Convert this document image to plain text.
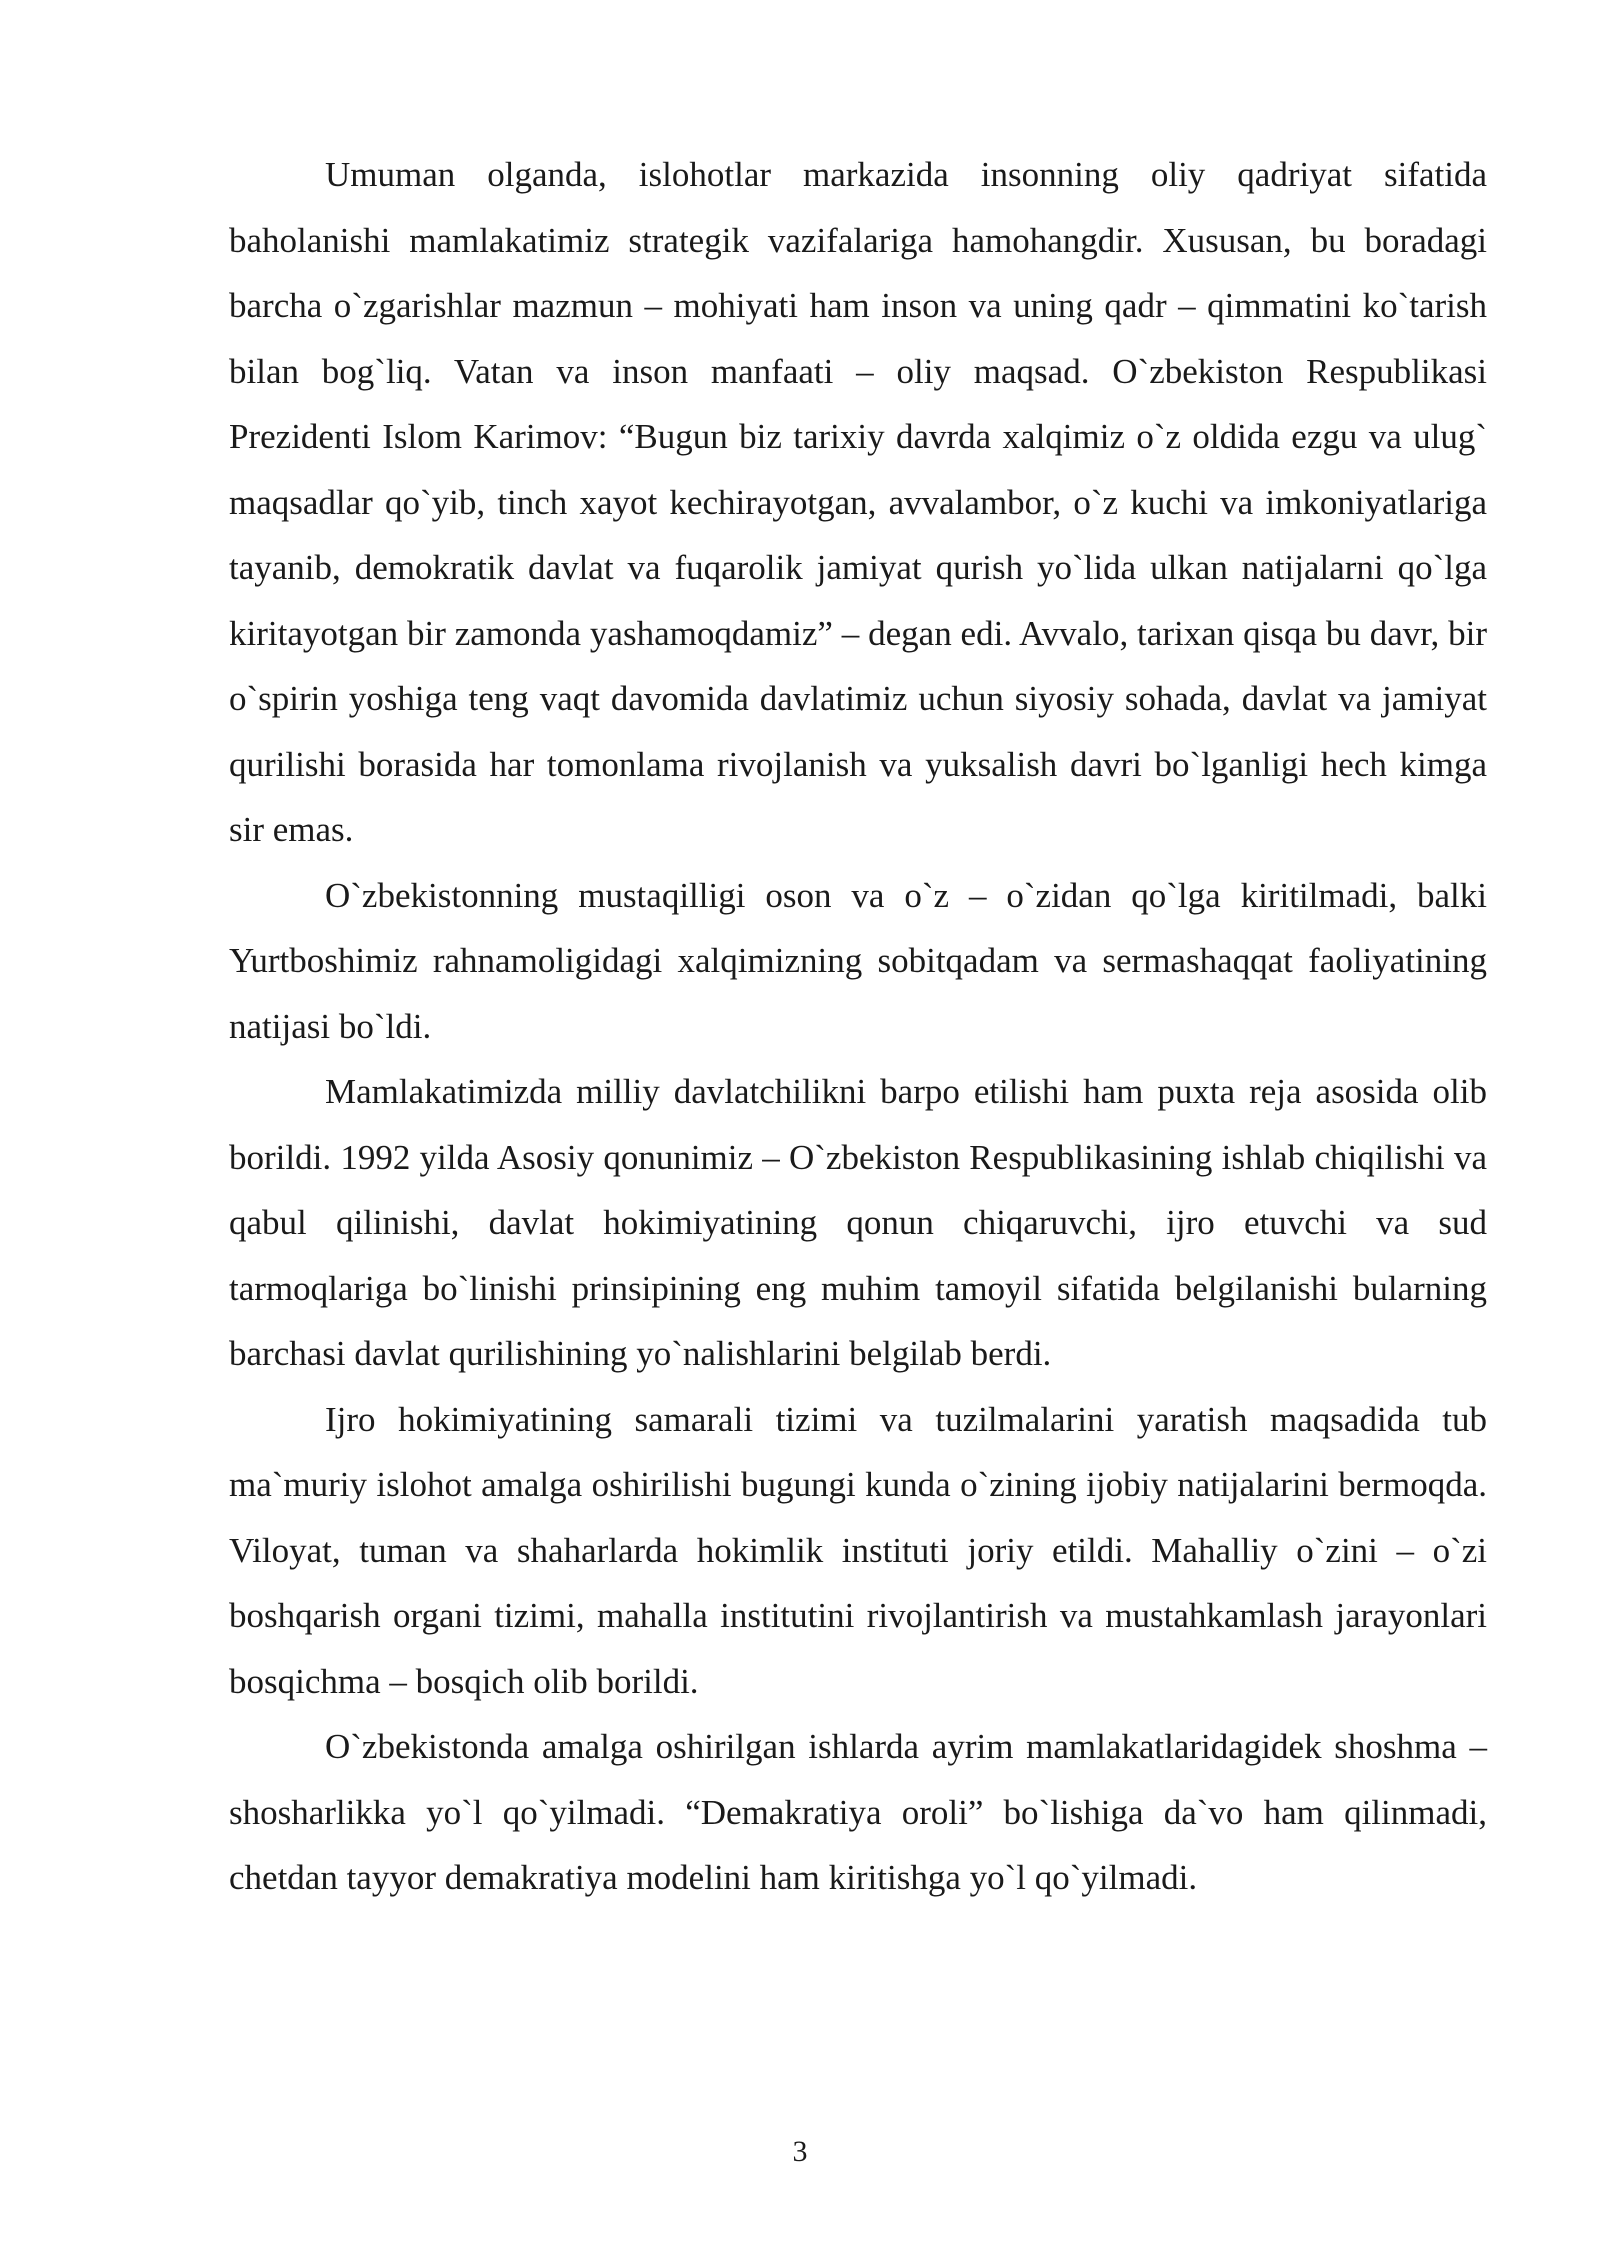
Umuman olganda, islohotlar markazida insonning oliy qadriyat sifatida baholanishi mamlakatimiz strategik vazifalariga hamohangdir. Xususan, bu boradagi barcha o`zgarishlar mazmun – mohiyati ham inson va uning qadr – qimmatini ko`tarish bilan bog`liq. Vatan va inson manfaati – oliy maqsad. O`zbekiston Respublikasi Prezidenti Islom Karimov: “Bugun biz tarixiy davrda xalqimiz o`z oldida ezgu va ulug` maqsadlar qo`yib, tinch xayot kechirayotgan, avvalambor, o`z kuchi va imkoniyatlariga tayanib, demokratik davlat va fuqarolik jamiyat qurish yo`lida ulkan natijalarni qo`lga kiritayotgan bir zamonda yashamoqdamiz” – degan edi. Avvalo, tarixan qisqa bu davr, bir o`spirin yoshiga teng vaqt davomida davlatimiz uchun siyosiy sohada, davlat va jamiyat qurilishi borasida har tomonlama rivojlanish va yuksalish davri bo`lganligi hech kimga sir emas.

O`zbekistonning mustaqilligi oson va o`z – o`zidan qo`lga kiritilmadi, balki Yurtboshimiz rahnamoligidagi xalqimizning sobitqadam va sermashaqqat faoliyatining natijasi bo`ldi.

Mamlakatimizda milliy davlatchilikni barpo etilishi ham puxta reja asosida olib borildi. 1992 yilda Asosiy qonunimiz – O`zbekiston Respublikasining ishlab chiqilishi va qabul qilinishi, davlat hokimiyatining qonun chiqaruvchi, ijro etuvchi va sud tarmoqlariga bo`linishi prinsipining eng muhim tamoyil sifatida belgilanishi bularning barchasi davlat qurilishining yo`nalishlarini belgilab berdi.

Ijro hokimiyatining samarali tizimi va tuzilmalarini yaratish maqsadida tub ma`muriy islohot amalga oshirilishi bugungi kunda o`zining ijobiy natijalarini bermoqda. Viloyat, tuman va shaharlarda hokimlik instituti joriy etildi. Mahalliy o`zini – o`zi boshqarish organi tizimi, mahalla institutini rivojlantirish va mustahkamlash jarayonlari bosqichma – bosqich olib borildi.

O`zbekistonda amalga oshirilgan ishlarda ayrim mamlakatlaridagidek shoshma – shosharlikka yo`l qo`yilmadi. “Demakratiya oroli” bo`lishiga da`vo ham qilinmadi, chetdan tayyor demakratiya modelini ham kiritishga yo`l qo`yilmadi.

3
